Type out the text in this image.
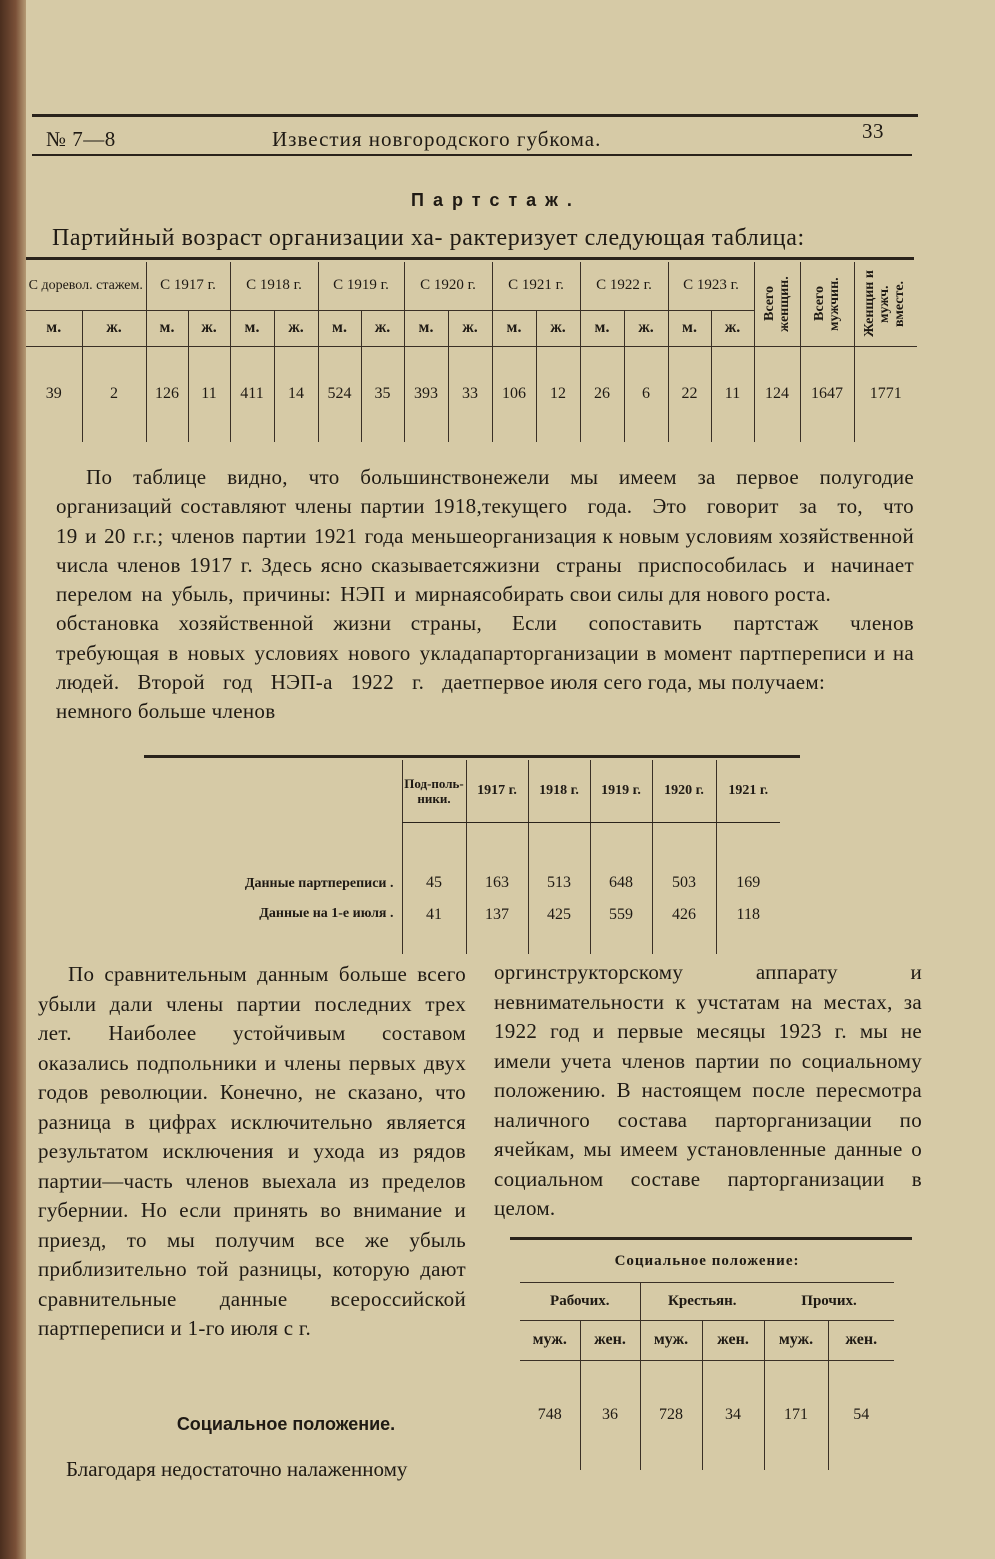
№ 7—8	Известия новгородского губкома.	33
Партстаж.
Партийный возраст организации ха- рактеризует следующая таблица:
С доревол. стажем.		С 1917 г.		С 1918 г.		С 1919 г.		С 1920 г.		С 1921 г.		С 1922 г.		С 1923 г.		Всего женщин.	Всего мужчин.	Женщин и мужч. вместе.

м.	ж.	м.	ж.	м.	ж.	м.	ж.	м.	ж.	м.	ж.	м.	ж.	м.	ж.			
39	2	126	11	411	14	524	35	393	33	106	12	26	6	22	11	124	1647	1771
По таблице видно, что большинство организаций составляют члены партии 1918, 19 и 20 г.г.; членов партии 1921 года меньше числа членов 1917 г. Здесь ясно сказывается перелом на убыль, причины: НЭП и мирная обстановка хозяйственной жизни страны, требующая в новых условиях нового уклада людей. Второй год НЭП-а 1922 г. дает немного больше членов

нежели мы имеем за первое полугодие текущего года. Это говорит за то, что организация к новым условиям хозяйственной жизни страны приспособилась и начинает собирать свои силы для нового роста.

Если сопоставить партстаж членов парторганизации в момент партпереписи и на первое июля сего года, мы получаем:

	Под-поль-ники.	1917 г.	1918 г.	1919 г.	1920 г.	1921 г.
Данные партпереписи .	45	163	513	648	503	169
Данные на 1-е июля .	41	137	425	559	426	118
По сравнительным данным больше всего убыли дали члены партии последних трех лет. Наиболее устойчивым составом оказались подпольники и члены первых двух годов революции. Конечно, не сказано, что разница в цифрах исключительно является результатом исключения и ухода из рядов партии—часть членов выехала из пределов губернии. Но если принять во внимание и приезд, то мы получим все же убыль приблизительно той разницы, которую дают сравнительные данные всероссийской партпереписи и 1-го июля с г.
Социальное положение.
Благодаря недостаточно налаженному
оргинструкторскому аппарату и невнимательности к учстатам на местах, за 1922 год и первые месяцы 1923 г. мы не имели учета членов партии по социальному положению. В настоящем после пересмотра наличного состава парторганизации по ячейкам, мы имеем установленные данные о социальном составе парторганизации в целом.
Социальное положение:					
Рабочих.		Крестьян.		Прочих.	
муж.	жен.	муж.	жен.	муж.	жен.
748	36	728	34	171	54
